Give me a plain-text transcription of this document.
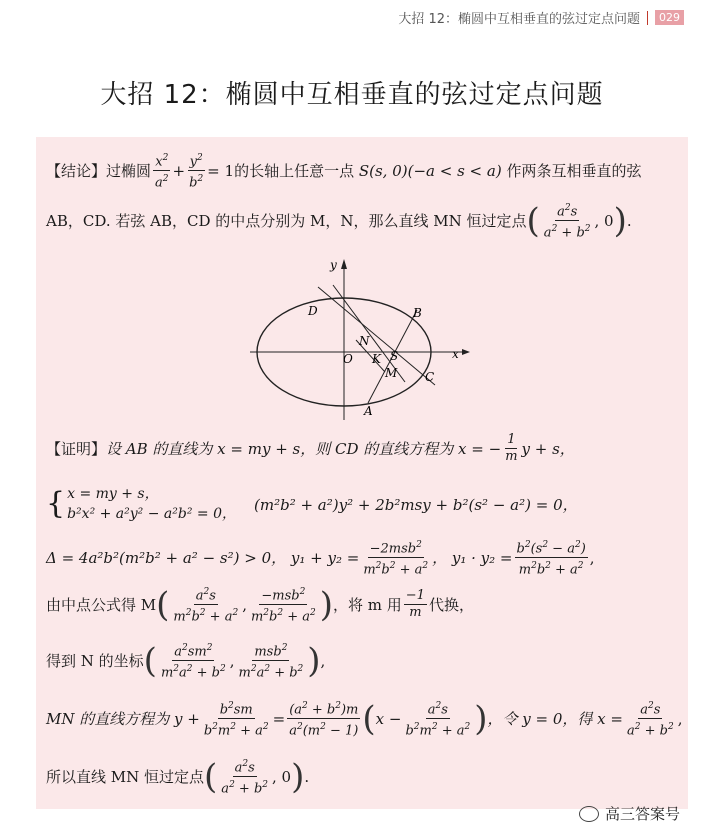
大招 12：椭圆中互相垂直的弦过定点问题	029
大招 12：椭圆中互相垂直的弦过定点问题
【结论】 过椭圆 $\frac{x^2}{a^2} + \frac{y^2}{b^2} = 1$ 的长轴上任意一点 S(s, 0)(−a < s < a) 作两条互相垂直的弦
AB，CD. 若弦 AB，CD 的中点分别为 M，N，那么直线 MN 恒过定点 ( $\frac{a^2s}{a^2 + b^2}$ , 0 ) .
y
x
O K S
N
M
A
B
C
D
【证明】 设 AB 的直线为 x = my + s，则 CD 的直线方程为 x = − $\frac{1}{m}$ y + s，
{ x = my + s，
b²x² + a²y² − a²b² = 0，
(m²b² + a²)y² + 2b²msy + b²(s² − a²) = 0，
Δ = 4a²b²(m²b² + a² − s²) > 0， $y_1 + y_2 = \frac{-2msb^2}{m^2b^2 + a^2}$ ， $y_1 \cdot y_2 = \frac{b^2(s^2 - a^2)}{m^2b^2 + a^2}$ ,
由中点公式得 M ( $\frac{a^2s}{m^2b^2 + a^2}$ , $\frac{-msb^2}{m^2b^2 + a^2}$ ) ，将 m 用 $\frac{-1}{m}$ 代换，
得到 N 的坐标 ( $\frac{a^2sm^2}{m^2a^2 + b^2}$ , $\frac{msb^2}{m^2a^2 + b^2}$ ) ,
MN 的直线方程为 $y + \frac{b^2sm}{b^2m^2 + a^2} = \frac{(a^2 + b^2)m}{a^2(m^2 - 1)}$ ( $x - \frac{a^2s}{b^2m^2 + a^2}$ ) ，令 y = 0，得 $x = \frac{a^2s}{a^2 + b^2}$ ,
所以直线 MN 恒过定点 ( $\frac{a^2s}{a^2 + b^2}$ , 0 ) .
高三答案号
